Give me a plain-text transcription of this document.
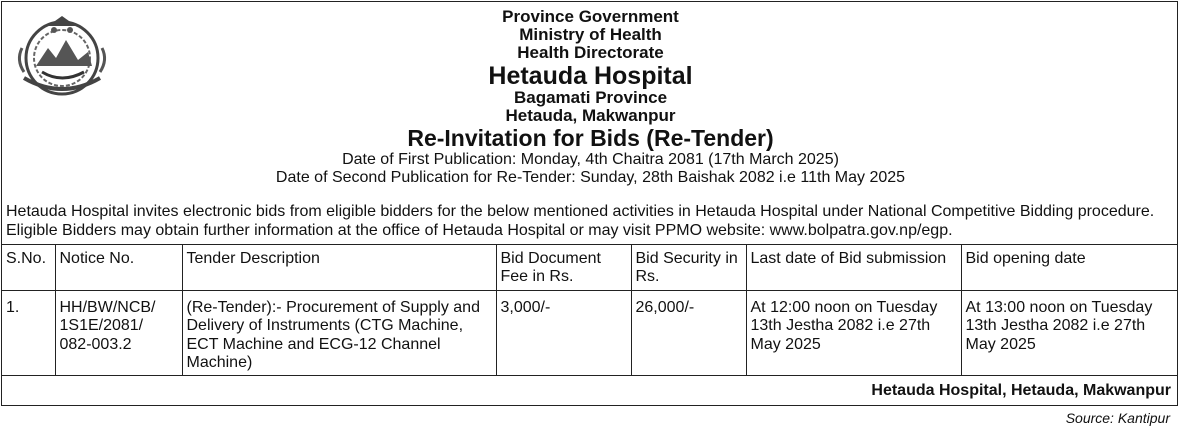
Province Government
Ministry of Health
Health Directorate
Hetauda Hospital
Bagamati Province
Hetauda, Makwanpur
Re-Invitation for Bids (Re-Tender)
Date of First Publication: Monday, 4th Chaitra 2081 (17th March 2025)
Date of Second Publication for Re-Tender: Sunday, 28th Baishak 2082 i.e 11th May 2025
Hetauda Hospital invites electronic bids from eligible bidders for the below mentioned activities in Hetauda Hospital under National Competitive Bidding procedure. Eligible Bidders may obtain further information at the office of Hetauda Hospital or may visit PPMO website: www.bolpatra.gov.np/egp.
S.No.	Notice No.	Tender Description	Bid Document Fee in Rs.	Bid Security in Rs.	Last date of Bid submission	Bid opening date
1.	HH/BW/NCB/ 1S1E/2081/ 082-003.2	(Re-Tender):- Procurement of Supply and Delivery of Instruments (CTG Machine, ECT Machine and ECG-12 Channel Machine)	3,000/-	26,000/-	At 12:00 noon on Tuesday 13th Jestha 2082 i.e 27th May 2025	At 13:00 noon on Tuesday 13th Jestha 2082 i.e 27th May 2025
Hetauda Hospital, Hetauda, Makwanpur						
Source: Kantipur
